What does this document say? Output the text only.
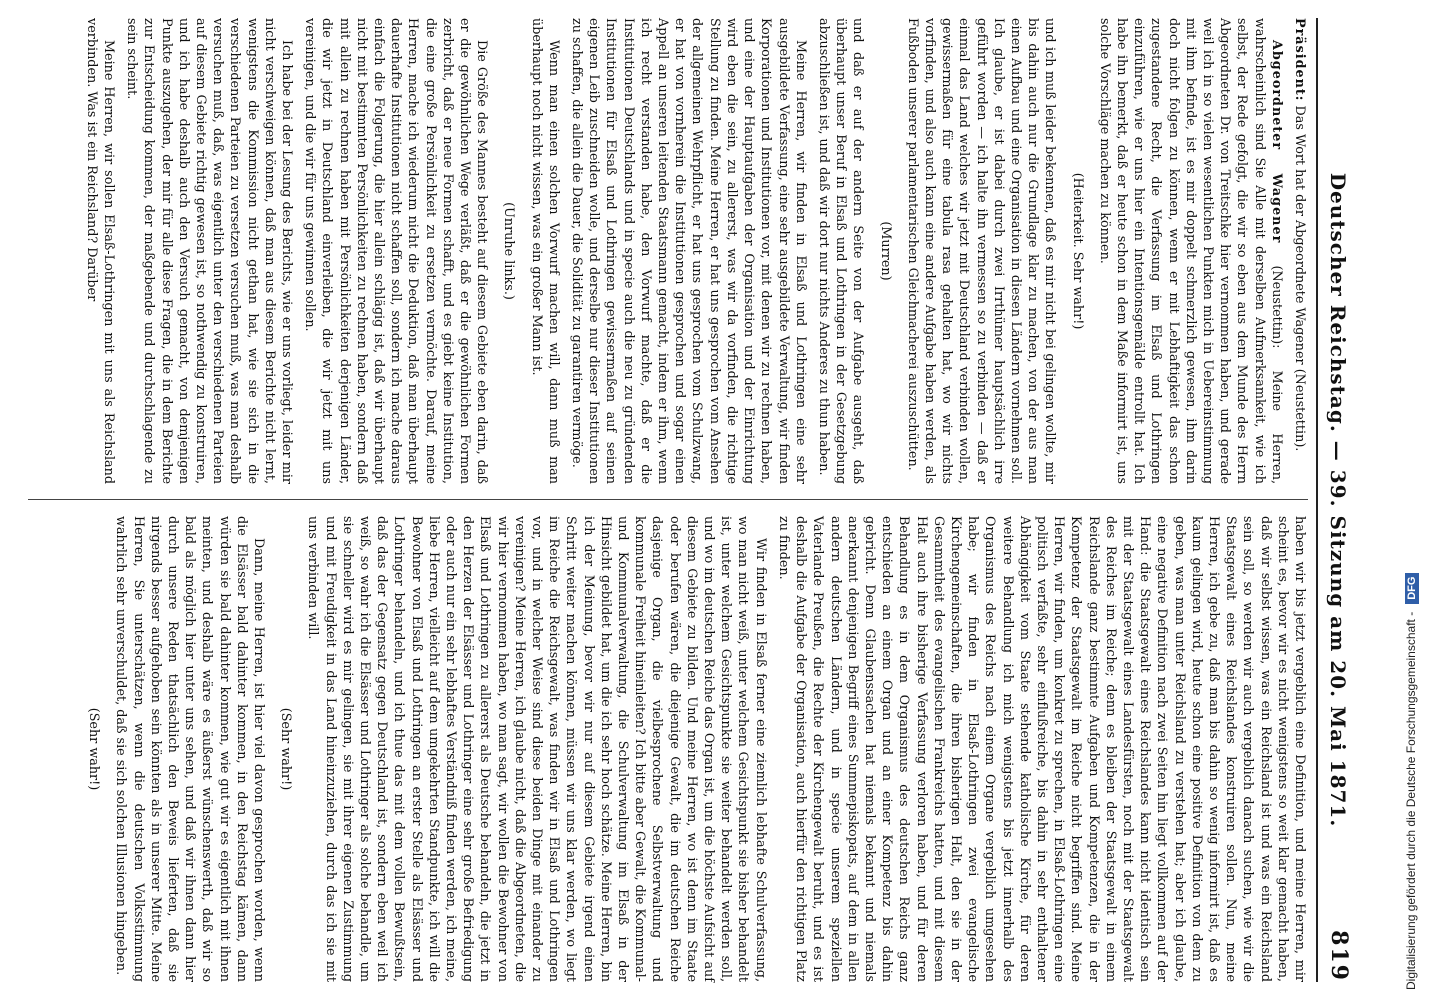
Deutscher Reichstag. — 39. Sitzung am 20. Mai 1871.
819

Präsident: Das Wort hat der Abgeordnete Wagener (Neustettin).

Abgeordneter Wagener (Neustettin): Meine Herren, wahrscheinlich sind Sie Alle mit derselben Aufmerksamkeit, wie ich selbst, der Rede gefolgt, die wir so eben aus dem Munde des Herrn Abgeordneten Dr. von Treitschke hier vernommen haben, und gerade weil ich in so vielen wesentlichen Punkten mich in Uebereinstimmung mit ihm befinde, ist es mir doppelt schmerzlich gewesen, ihm darin doch nicht folgen zu können, wenn er mit Lebhaftigkeit das schon zugestandene Recht, die Verfassung im Elsaß und Lothringen einzuführen, wie er uns hier ein Intentionsgemälde entrollt hat. Ich habe ihn bemerkt, daß er heute schon in dem Maße informirt ist, uns solche Vorschläge machen zu können.

(Heiterkeit. Sehr wahr!)

und ich muß leider bekennen, daß es mir nicht bei gelingen wollte, mir bis dahin auch nur die Grundlage klar zu machen, von der aus man einen Aufbau und eine Organisation in diesen Ländern vornehmen soll. Ich glaube, er ist dabei durch zwei Irrthümer hauptsächlich irre geführt worden — ich halte ihn vermessen so zu verbinden — daß er einmal das Land welches wir jetzt mit Deutschland verbinden wollen, gewissermaßen für eine tabula rasa gehalten hat, wo wir nichts vorfinden, und also auch kann eine andere Aufgabe haben werden, als Fußboden unserer parlamentarischen Gleichmacherei auszuschütten.

(Murren)

und daß er auf der andern Seite von der Aufgabe ausgeht, daß überhaupt unser Beruf in Elsaß und Lothringen in der Gesetzgebung abzuschließen ist, und daß wir dort nur nichts Anderes zu thun haben.

Meine Herren, wir finden in Elsaß und Lothringen eine sehr ausgebildete Verfassung, eine sehr ausgebildete Verwaltung, wir finden Korporationen und Institutionen vor, mit denen wir zu rechnen haben, und eine der Hauptaufgaben der Organisation und der Einrichtung wird eben die sein, zu allererst, was wir da vorfinden, die richtige Stellung zu finden. Meine Herren, er hat uns gesprochen vom Ansehen der allgemeinen Wehrpflicht, er hat uns gesprochen vom Schulzwang, er hat von vornherein die Institutionen gesprochen und sogar einen Appell an unseren leitenden Staatsmann gemacht, indem er ihm, wenn ich recht verstanden habe, den Vorwurf machte, daß er die Institutionen Deutschlands und in specie auch die neu zu gründenden Institutionen für Elsaß und Lothringen gewissermaßen auf seinen eigenen Leib zuschneiden wolle, und derselbe nur dieser Institutionen zu schaffen, die allein die Dauer, die Solidität zu garantiren vermöge.

Wenn man einen solchen Vorwurf machen will, dann muß man überhaupt noch nicht wissen, was ein großer Mann ist.

(Unruhe links.)

Die Größe des Mannes besteht auf diesem Gebiete eben darin, daß er die gewöhnlichen Wege verläßt, daß er die gewöhnlichen Formen zerbricht, daß er neue Formen schafft, und es giebt keine Institution, die eine große Persönlichkeit zu ersetzen vermöchte. Darauf, meine Herren, mache ich wiederum nicht die Deduktion, daß man überhaupt dauerhafte Institutionen nicht schaffen soll, sondern ich mache daraus einfach die Folgerung, die hier allein schlägig ist, daß wir überhaupt nicht mit bestimmten Persönlichkeiten zu rechnen haben, sondern daß mit allein zu rechnen haben mit Persönlichkeiten derjenigen Länder, die wir jetzt in Deutschland einverleiben, die wir jetzt mit uns vereinigen, und die wir für uns gewinnen sollen.

Ich habe bei der Lesung des Berichts, wie er uns vorliegt, leider mir nicht verschweigen können, daß man aus diesem Berichte nicht lernt, wenigstens die Kommission nicht gethan hat, wie sie sich in die verschiedenen Parteien zu versetzen versuchen muß, was man deshalb versuchen muß, daß, was eigentlich unter den verschiedenen Parteien auf diesem Gebiete richtig gewesen ist, so nothwendig zu konstruiren, und ich habe deshalb auch den Versuch gemacht, von demjenigen Punkte auszugehen, der mir für alle diese Fragen, die in dem Berichte zur Entscheidung kommen, der maßgebende und durchschlagende zu sein scheint.

Meine Herren, wir sollen Elsaß-Lothringen mit uns als Reichsland verbinden. Was ist ein Reichsland? Darüber

haben wir bis jetzt vergeblich eine Definition, und meine Herren, mir scheint es, bevor wir es nicht wenigstens so weit klar gemacht haben, daß wir selbst wissen, was ein Reichsland ist und was ein Reichsland sein soll, so werden wir auch vergeblich danach suchen, wie wir die Staatsgewalt eines Reichslandes konstruiren sollen. Nun, meine Herren, ich gebe zu, daß man bis dahin so wenig informirt ist, daß es kaum gelingen wird, heute schon eine positive Definition von dem zu geben, was man unter Reichsland zu verstehen hat; aber ich glaube, eine negative Definition nach zwei Seiten hin liegt vollkommen auf der Hand: die Staatsgewalt eines Reichslandes kann nicht identisch sein mit der Staatsgewalt eines Landesfürsten, noch mit der Staatsgewalt des Reiches im Reiche; denn es bleiben der Staatsgewalt in einem Reichslande ganz bestimmte Aufgaben und Kompetenzen, die in der Kompetenz der Staatsgewalt im Reiche nicht begriffen sind. Meine Herren, wir finden, um konkret zu sprechen, in Elsaß-Lothringen eine politisch verfaßte, sehr einflußreiche, bis dahin in sehr enthaltener Abhängigkeit vom Staate stehende katholische Kirche, für deren weitere Behandlung ich mich wenigstens bis jetzt innerhalb des Organismus des Reichs nach einem Organe vergeblich umgesehen habe; wir finden in Elsaß-Lothringen zwei evangelische Kirchengemeinschaften, die ihren bisherigen Halt, den sie in der Gesammtheit des evangelischen Frankreichs hatten, und mit diesem Halt auch ihre bisherige Verfassung verloren haben, und für deren Behandlung es in dem Organismus des deutschen Reichs ganz entschieden an einem Organ und an einer Kompetenz bis dahin gebricht. Denn Glaubenssachen hat niemals bekannt und niemals anerkannt denjenigen Begriff eines Summepiskopats, auf dem in allen andern deutschen Ländern, und in specie unserem speziellen Vaterlande Preußen, die Rechte der Kirchengewalt beruht, und es ist deshalb die Aufgabe der Organisation, auch hierfür den richtigen Platz zu finden.

Wir finden in Elsaß ferner eine ziemlich lebhafte Schulverfassung, wo man nicht weiß, unter welchem Gesichtspunkt sie bisher behandelt ist, unter welchem Gesichtspunkte sie weiter behandelt werden soll, und wo im deutschen Reiche das Organ ist, um die höchste Aufsicht auf diesem Gebiete zu bilden. Und meine Herren, wo ist denn im Staate oder berufen wären, die diejenige Gewalt, die im deutschen Reiche dasjenige Organ, die vielbesprochene Selbstverwaltung und kommunale Freiheit hineinleiten? Ich bitte aber Gewalt, die Kommunal- und Kommunalverwaltung, die Schulverwaltung im Elsaß in der Hinsicht gebildet hat, um die ich sehr hoch schätze. Meine Herren, bin ich der Meinung, bevor wir nur auf diesem Gebiete irgend einen Schritt weiter machen können, müssen wir uns klar werden, wo liegt im Reiche die Reichsgewalt, was finden wir in Elsaß und Lothringen vor, und in welcher Weise sind diese beiden Dinge mit einander zu vereinigen? Meine Herren, ich glaube nicht, daß die Abgeordneten, die wir hier vernommen haben, wo man sagt, wir wollen die Bewohner von Elsaß und Lothringen zu allererst als Deutsche behandeln, die jetzt in den Herzen der Elsässer und Lothringer eine sehr große Befriedigung oder auch nur ein sehr lebhaftes Verständniß finden werden, ich meine, liebe Herren, vielleicht auf dem umgekehrten Standpunkte, ich will die Bewohner von Elsaß und Lothringen an erster Stelle als Elsässer und Lothringer behandeln, und ich thue das mit dem vollen Bewußtsein, daß das der Gegensatz gegen Deutschland ist, sondern eben weil ich weiß, so wahr ich die Elsässer und Lothringer als solche behandle, um sie schneller wird es mir gelingen, sie mit ihrer eigenen Zustimmung und mit Freudigkeit in das Land hineinzuziehen, durch das ich sie mit uns verbinden will.

(Sehr wahr!)

Dann, meine Herren, ist hier viel davon gesprochen worden, wenn die Elsässer bald dahinter kommen, in den Reichstag kämen, dann würden sie bald dahinter kommen, wie gut wir es eigentlich mit ihnen meinten, und deshalb wäre es äußerst wünschenswerth, daß wir so bald als möglich hier unter uns sehen, und daß wir ihnen dann hier durch unsere Reden thatsächlich den Beweis lieferten, daß sie nirgends besser aufgehoben sein könnten als in unserer Mitte. Meine Herren, Sie unterschätzen, wenn die deutschen Volksstimmung wahrlich sehr unverschuldet, daß sie sich solchen Illusionen hingeben.

(Sehr wahr!)	Digitalisierung gefördert durch die Deutsche Forschungsgemeinschaft -DFG
